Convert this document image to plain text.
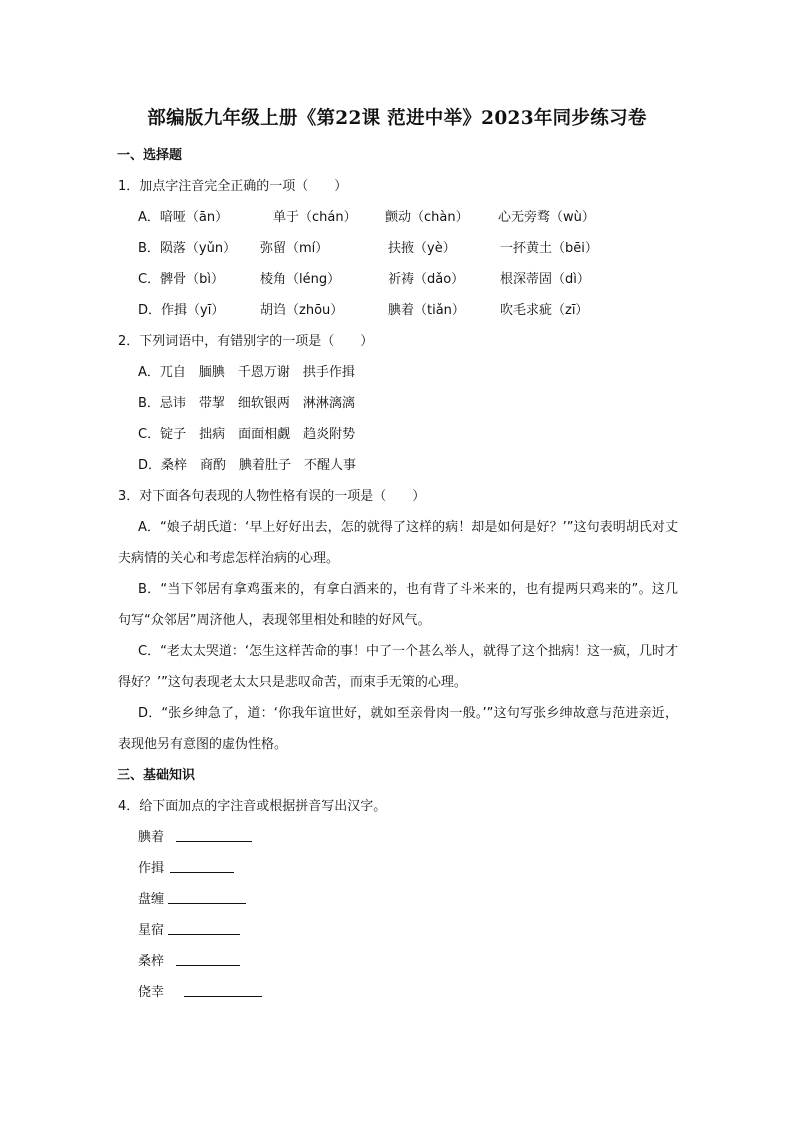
部编版九年级上册《第22课 范进中举》2023年同步练习卷
一、选择题
1．加点字注音完全正确的一项（　　）
A．喑哑（ān）	单于（chán） 颤动（chàn） 心无旁骛（wù）
B．陨落（yǔn） 弥留（mí）	扶掖（yè）	一抔黄土（bēi）
C．髀骨（bì）	棱角（léng）	祈祷（dǎo）	根深蒂固（dì）
D．作揖（yī）	胡诌（zhōu）	腆着（tiǎn）	吹毛求疵（zī）
2．下列词语中，有错别字的一项是（　　）
A．兀自　腼腆　千恩万谢　拱手作揖
B．忌讳　带挈　细软银两　淋淋漓漓
C．锭子　拙病　面面相觑　趋炎附势
D．桑梓　商酌　腆着肚子　不醒人事
3．对下面各句表现的人物性格有误的一项是（　　）
A．“娘子胡氏道：‘早上好好出去，怎的就得了这样的病！却是如何是好？’”这句表明胡氏对丈夫病情的关心和考虑怎样治病的心理。
B．“当下邻居有拿鸡蛋来的，有拿白酒来的，也有背了斗米来的，也有提两只鸡来的”。这几句写“众邻居”周济他人，表现邻里相处和睦的好风气。
C．“老太太哭道：‘怎生这样苦命的事！中了一个甚么举人，就得了这个拙病！这一疯，几时才得好？’”这句表现老太太只是悲叹命苦，而束手无策的心理。
D．“张乡绅急了，道：‘你我年谊世好，就如至亲骨肉一般。’”这句写张乡绅故意与范进亲近，表现他另有意图的虚伪性格。
三、基础知识
4．给下面加点的字注音或根据拼音写出汉字。
腆着
作揖
盘缠
星宿
桑梓
侥幸
